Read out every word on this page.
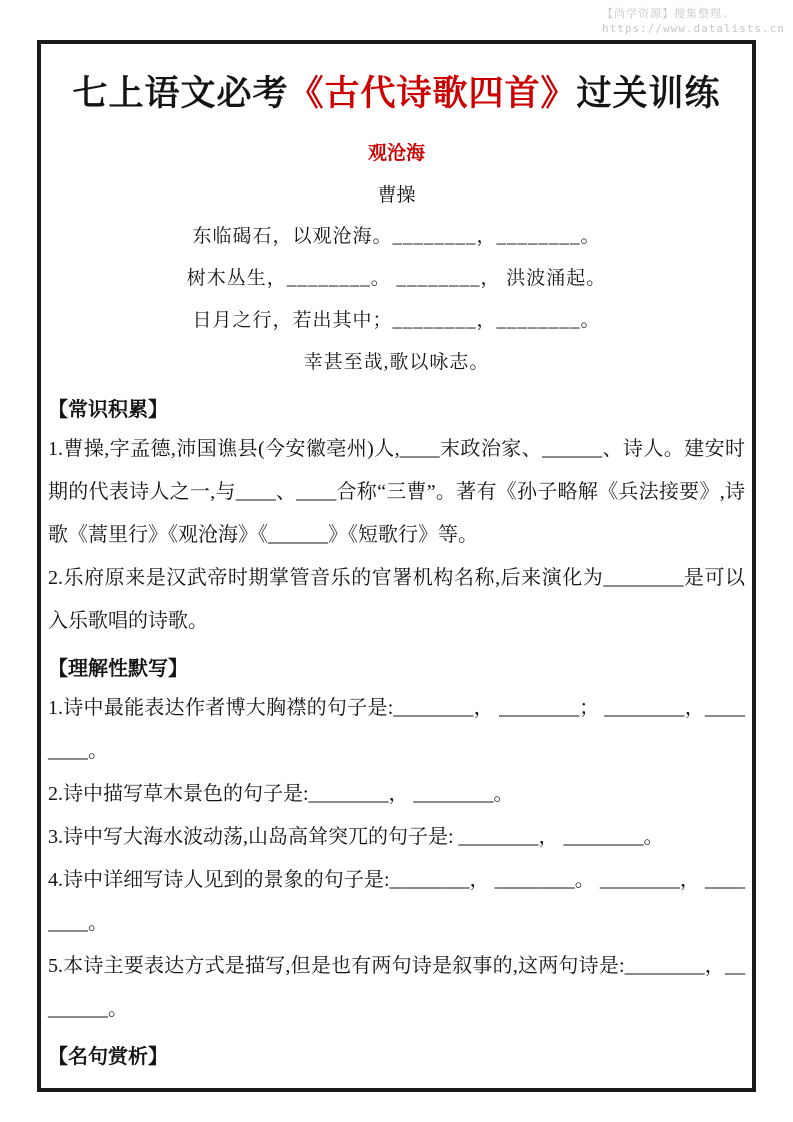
【尚学资源】搜集整理.
https://www.datalists.cn
七上语文必考《古代诗歌四首》过关训练
观沧海
曹操
东临碣石，以观沧海。________，________。
树木丛生，________。 ________， 洪波涌起。
日月之行，若出其中；________，________。
幸甚至哉,歌以咏志。
【常识积累】

1.曹操,字孟德,沛国谯县(今安徽亳州)人,____末政治家、______、诗人。建安时期的代表诗人之一,与____、____合称“三曹”。著有《孙子略解《兵法接要》,诗歌《蒿里行》《观沧海》《______》《短歌行》等。

2.乐府原来是汉武帝时期掌管音乐的官署机构名称,后来演化为________是可以入乐歌唱的诗歌。

【理解性默写】

1.诗中最能表达作者博大胸襟的句子是:________， ________； ________，________。

2.诗中描写草木景色的句子是:________， ________。

3.诗中写大海水波动荡,山岛高耸突兀的句子是: ________， ________。

4.诗中详细写诗人见到的景象的句子是:________， ________。 ________， ________。

5.本诗主要表达方式是描写,但是也有两句诗是叙事的,这两句诗是:________，________。

【名句赏析】
